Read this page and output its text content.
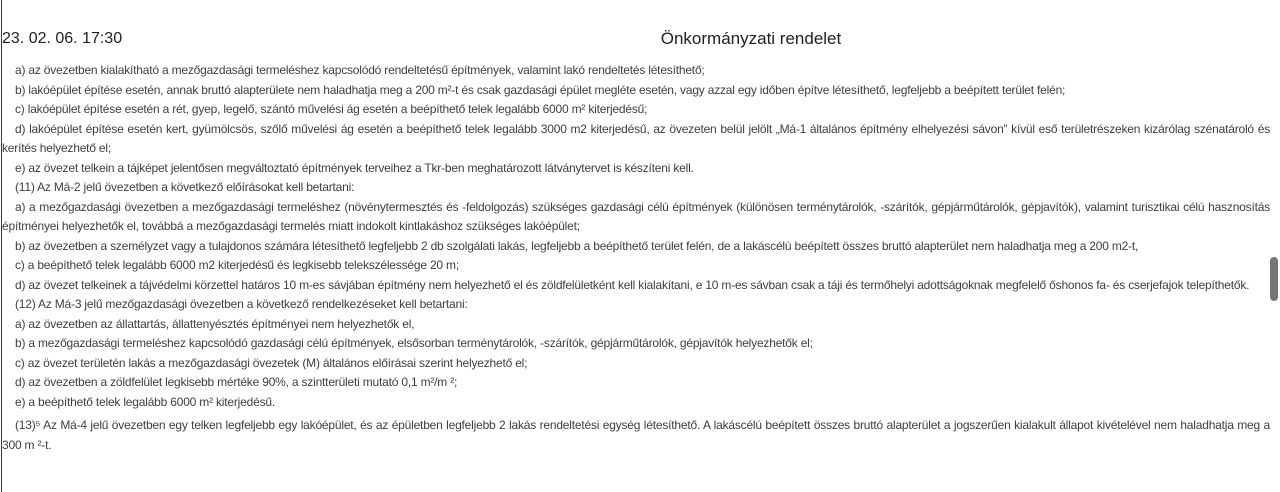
23. 02. 06. 17:30	Önkormányzati rendelet

a) az övezetben kialakítható a mezőgazdasági termeléshez kapcsolódó rendeltetésű építmények, valamint lakó rendeltetés létesíthető;

b) lakóépület építése esetén, annak bruttó alapterülete nem haladhatja meg a 200 m²-t és csak gazdasági épület megléte esetén, vagy azzal egy időben építve létesíthető, legfeljebb a beépített terület felén;

c) lakóépület építése esetén a rét, gyep, legelő, szántó művelési ág esetén a beépíthető telek legalább 6000 m² kiterjedésű;

d) lakóépület építése esetén kert, gyümölcsös, szőlő művelési ág esetén a beépíthető telek legalább 3000 m2 kiterjedésű, az övezeten belül jelölt „Má-1 általános építmény elhelyezési sávon” kívül eső területrészeken kizárólag szénatároló és kerítés helyezhető el;

e) az övezet telkein a tájképet jelentősen megváltoztató építmények terveihez a Tkr-ben meghatározott látványtervet is készíteni kell.

(11) Az Má-2 jelű övezetben a következő előírásokat kell betartani:

a) a mezőgazdasági övezetben a mezőgazdasági termeléshez (növénytermesztés és -feldolgozás) szükséges gazdasági célú építmények (különösen terménytárolók, -szárítók, gépjárműtárolók, gépjavítók), valamint turisztikai célú hasznosítás építményei helyezhetők el, továbbá a mezőgazdasági termelés miatt indokolt kintlakáshoz szükséges lakóépület;

b) az övezetben a személyzet vagy a tulajdonos számára létesíthető legfeljebb 2 db szolgálati lakás, legfeljebb a beépíthető terület felén, de a lakáscélú beépített összes bruttó alapterület nem haladhatja meg a 200 m2-t,

c) a beépíthető telek legalább 6000 m2 kiterjedésű és legkisebb telekszélessége 20 m;

d) az övezet telkeinek a tájvédelmi körzettel határos 10 m-es sávjában építmény nem helyezhető el és zöldfelületként kell kialakítani, e 10 m-es sávban csak a táji és termőhelyi adottságoknak megfelelő őshonos fa- és cserjefajok telepíthetők.

(12) Az Má-3 jelű mezőgazdasági övezetben a következő rendelkezéseket kell betartani:

a) az övezetben az állattartás, állattenyésztés építményei nem helyezhetők el,

b) a mezőgazdasági termeléshez kapcsolódó gazdasági célú építmények, elsősorban terménytárolók, -szárítók, gépjárműtárolók, gépjavítók helyezhetők el;

c) az övezet területén lakás a mezőgazdasági övezetek (M) általános előírásai szerint helyezhető el;

d) az övezetben a zöldfelület legkisebb mértéke 90%, a szintterületi mutató 0,1 m²/m ²;

e) a beépíthető telek legalább 6000 m² kiterjedésű.

(13)⁵ Az Má-4 jelű övezetben egy telken legfeljebb egy lakóépület, és az épületben legfeljebb 2 lakás rendeltetési egység létesíthető. A lakáscélú beépített összes bruttó alapterület a jogszerűen kialakult állapot kivételével nem haladhatja meg a 300 m ²-t.
